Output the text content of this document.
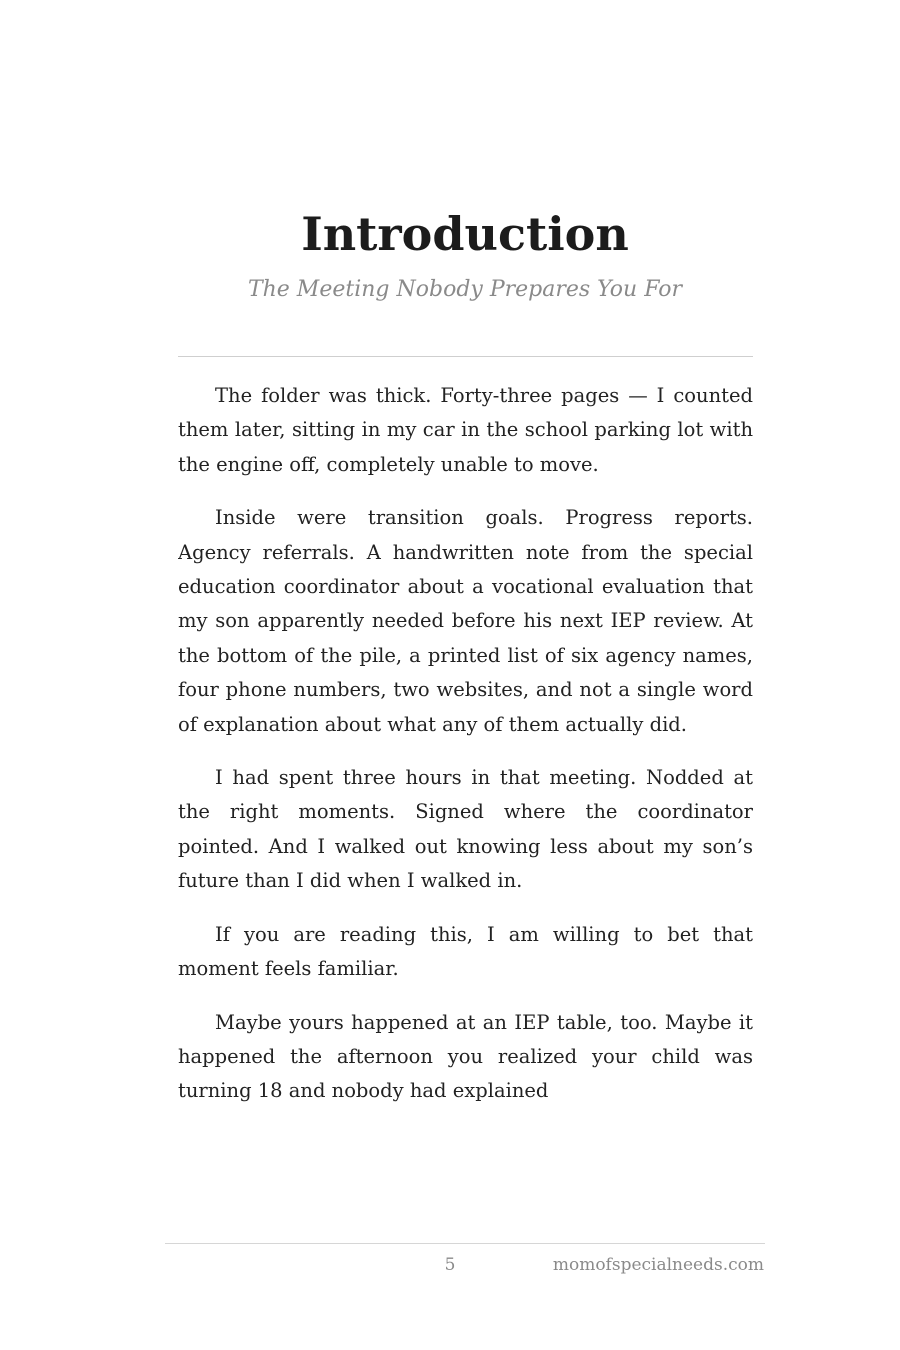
Introduction
The Meeting Nobody Prepares You For

The folder was thick. Forty-three pages — I counted them later, sitting in my car in the school parking lot with the engine off, completely unable to move.

Inside were transition goals. Progress reports. Agency referrals. A handwritten note from the special education coordinator about a vocational evaluation that my son apparently needed before his next IEP review. At the bottom of the pile, a printed list of six agency names, four phone numbers, two websites, and not a single word of explanation about what any of them actually did.

I had spent three hours in that meeting. Nodded at the right moments. Signed where the coordinator pointed. And I walked out knowing less about my son’s future than I did when I walked in.

If you are reading this, I am willing to bet that moment feels familiar.

Maybe yours happened at an IEP table, too. Maybe it happened the afternoon you realized your child was turning 18 and nobody had explained

5	momofspecialneeds.com
